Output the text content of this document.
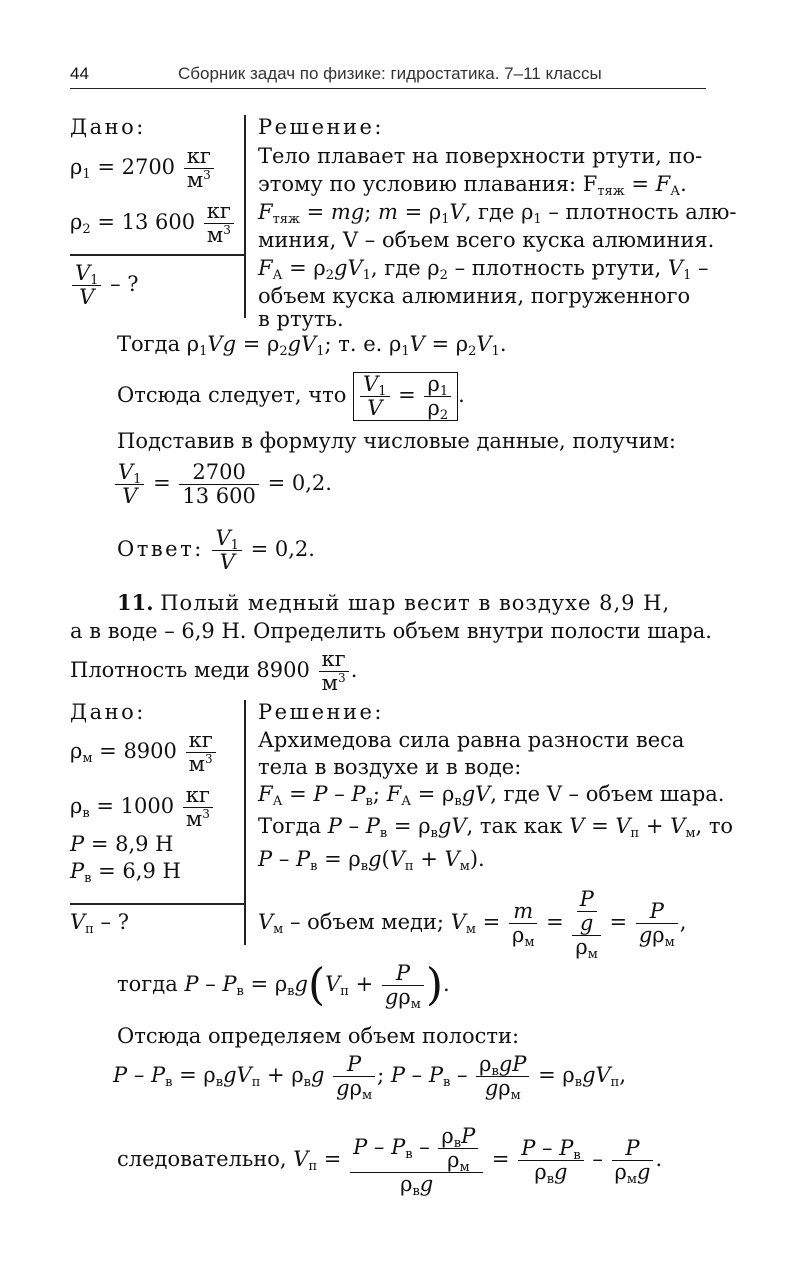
44	Сборник задач по физике: гидростатика. 7–11 классы
Дано:
$\rho_1 = 2700$ кг
$м^3$
$\rho_2 = 13$ 600 кг
$м^3$
$\frac{V_1}{V}$ – ?
Решение:
Тело плавает на поверхности ртути, по-
этому по условию плавания: $F_{тяж} = F_А$.
$F_{тяж}$ = mg; $m = \rho_1V$, где $\rho_1$ – плотность алю-
миния, V – объем всего куска алюминия.
$F_А = \rho_2gV_1$, где $\rho_2$ – плотность ртути, $V_1$ –
объем куска алюминия, погруженного
в ртуть.
Тогда $\rho_1Vg = \rho_2gV_1$; т. е. $\rho_1V = \rho_2V_1$.
Отсюда следует, что $\frac{V_1}{V} = \frac{\rho_1}{\rho_2}$ .
Подставив в формулу числовые данные, получим:
$\frac{V_1}{V} = \frac{2700}{13 600} = 0,2$.
Ответ: $\frac{V_1}{V} = 0,2$.
11. Полый медный шар весит в воздухе 8,9 Н,
а в воде – 6,9 Н. Определить объем внутри полости шара.
Плотность меди 8900 кг
$м^3$ .
Дано:
$\rho_м = 8900$ кг
$м^3$
$\rho_в = 1000$ кг
$м^3$
P = 8,9 Н
$P_в = 6,9$ Н
$V_п$ – ?
Решение:
Архимедова сила равна разности веса
тела в воздухе и в воде:
$F_А = P - P_в$; $F_А = \rho_вgV$, где V – объем шара.
Тогда $P - P_в = \rho_вgV$, так как $V = V_п + V_м$, то
$P - P_в = \rho_вg(V_п + V_м)$.
$V_м$ – объем меди; $V_м = m$
$\rho_м$
= $\frac{P}{g}$
$\rho_м$
= P
$g\rho_м$
,
тогда $P - P_в = \rho_вg(V_п + P$
$g\rho_м$ ).
Отсюда определяем объем полости:
$P - P_в = \rho_вgV_п + \rho_вg$	P
$g\rho_м$
; P – $P_в - \rho_вgP$
$g\rho_м$
= $\rho_вgV_п$,
следовательно, $V_п = P - P_в - \rho_вP$
$\rho_м$
$\rho_вg$
= P – $P_в$
$\rho_вg$
– P
$\rho_мg$
.
